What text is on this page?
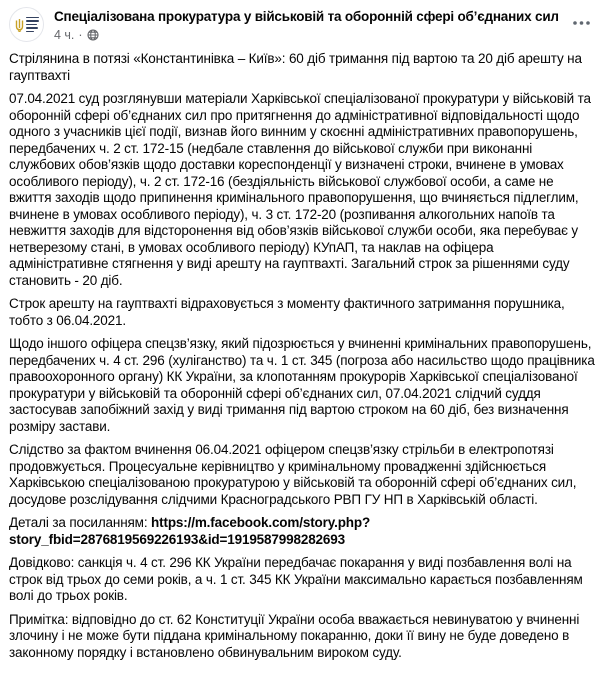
Спеціалізована прокуратура у військовій та оборонній сфері об’єднаних сил
4 ч. ·

Стрілянина в потязі «Константинівка – Київ»: 60 діб тримання під вартою та 20 діб арешту на гауптвахті

07.04.2021 суд розглянувши матеріали Харківської спеціалізованої прокуратури у військовій та оборонній сфері об’єднаних сил про притягнення до адміністративної відповідальності щодо одного з учасників цієї події, визнав його винним у скоєнні адміністративних правопорушень, передбачених ч. 2 ст. 172-15 (недбале ставлення до військової служби при виконанні службових обов’язків щодо доставки кореспонденції у визначені строки, вчинене в умовах особливого періоду), ч. 2 ст. 172-16 (бездіяльність військової службової особи, а саме не вжиття заходів щодо припинення кримінального правопорушення, що вчиняється підлеглим, вчинене в умовах особливого періоду), ч. 3 ст. 172-20 (розпивання алкогольних напоїв та невжиття заходів для відсторонення від обов’язків військової служби особи, яка перебуває у нетверезому стані, в умовах особливого періоду) КУпАП, та наклав на офіцера адміністративне стягнення у виді арешту на гауптвахті. Загальний строк за рішеннями суду становить - 20 діб.

Строк арешту на гауптвахті відраховується з моменту фактичного затримання порушника, тобто з 06.04.2021.

Щодо іншого офіцера спецзв’язку, який підозрюється у вчиненні кримінальних правопорушень, передбачених ч. 4 ст. 296 (хуліганство) та ч. 1 ст. 345 (погроза або насильство щодо працівника правоохоронного органу) КК України, за клопотанням прокурорів Харківської спеціалізованої прокуратури у військовій та оборонній сфері об’єднаних сил, 07.04.2021 слідчий суддя застосував запобіжний захід у виді тримання під вартою строком на 60 діб, без визначення розміру застави.

Слідство за фактом вчинення 06.04.2021 офіцером спецзв’язку стрільби в електропотязі продовжується. Процесуальне керівництво у кримінальному провадженні здійснюється Харківською спеціалізованою прокуратурою у військовій та оборонній сфері об’єднаних сил, досудове розслідування слідчими Красноградського РВП ГУ НП в Харківській області.

Деталі за посиланням: https://m.facebook.com/story.php?story_fbid=2876819569226193&id=1919587998282693

Довідково: санкція ч. 4 ст. 296 КК України передбачає покарання у виді позбавлення волі на строк від трьох до семи років, а ч. 1 ст. 345 КК України максимально карається позбавленням волі до трьох років.

Примітка: відповідно до ст. 62 Конституції України особа вважається невинуватою у вчиненні злочину і не може бути піддана кримінальному покаранню, доки її вину не буде доведено в законному порядку і встановлено обвинувальним вироком суду.
